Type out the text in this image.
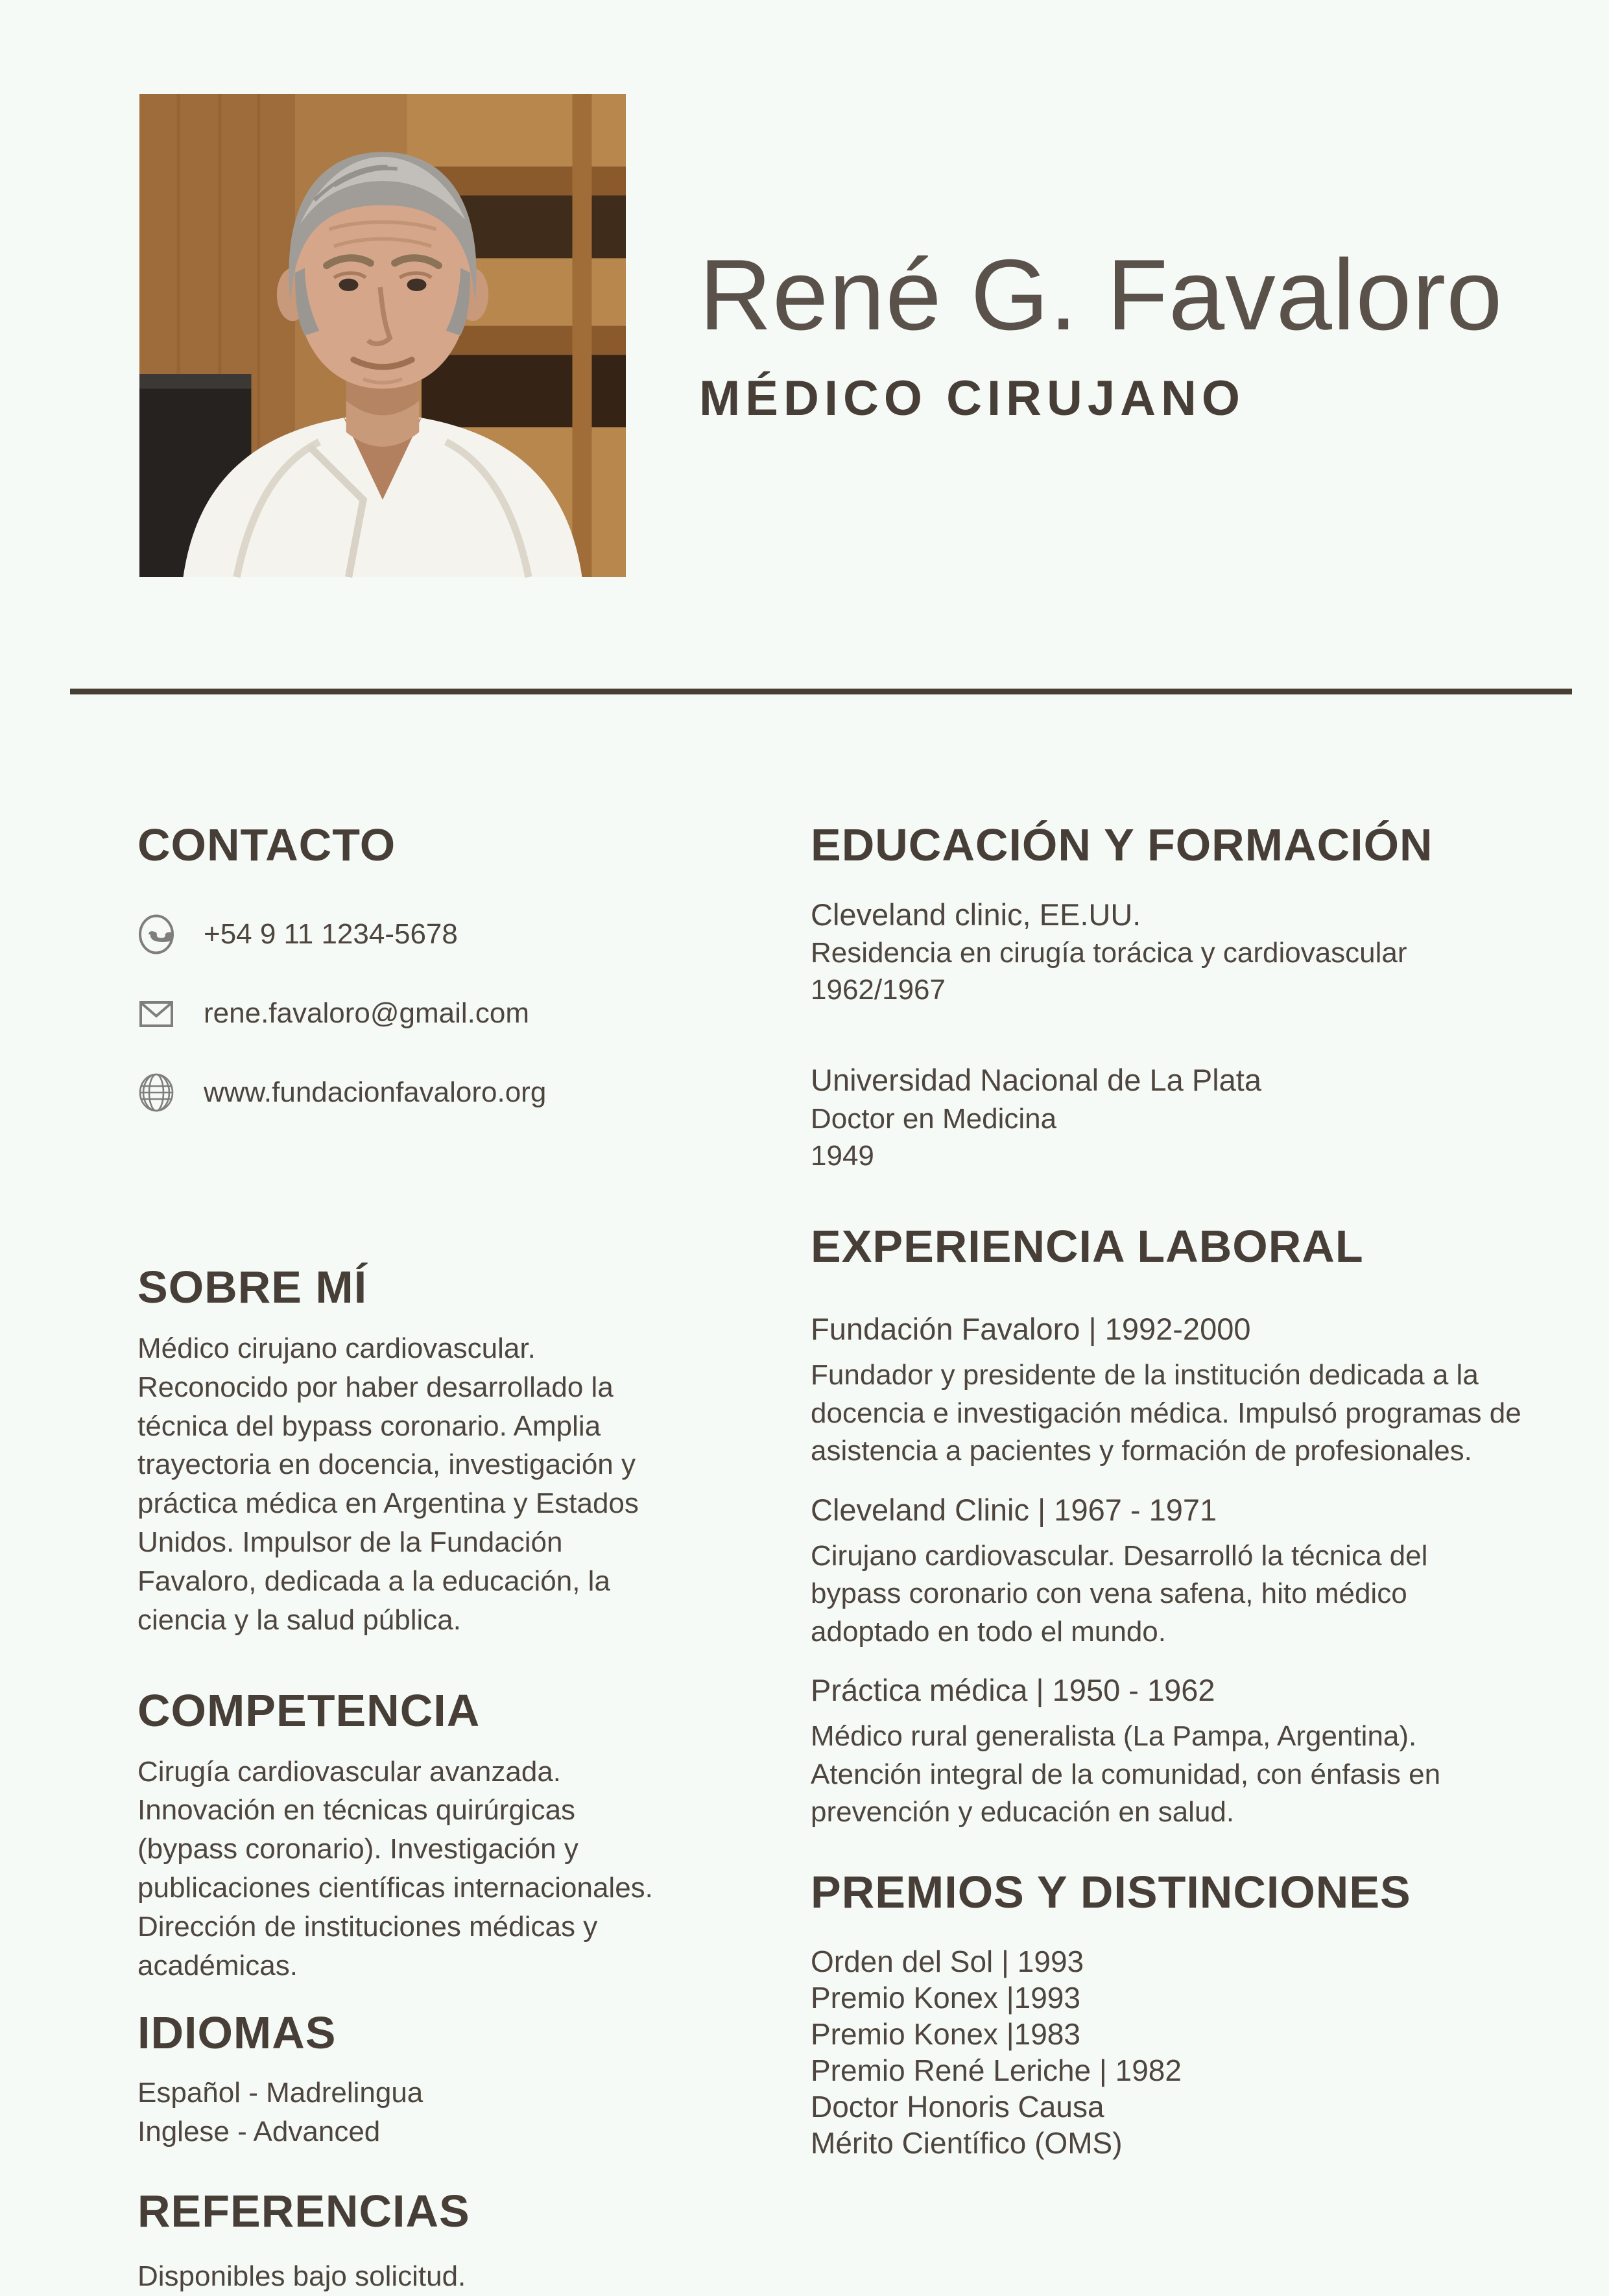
René G. Favaloro
MÉDICO CIRUJANO
CONTACTO
+54 9 11 1234-5678
rene.favaloro@gmail.com
www.fundacionfavaloro.org
SOBRE MÍ

Médico cirujano cardiovascular. Reconocido por haber desarrollado la técnica del bypass coronario. Amplia trayectoria en docencia, investigación y práctica médica en Argentina y Estados Unidos. Impulsor de la Fundación Favaloro, dedicada a la educación, la ciencia y la salud pública.

COMPETENCIA

Cirugía cardiovascular avanzada. Innovación en técnicas quirúrgicas (bypass coronario). Investigación y publicaciones científicas internacionales. Dirección de instituciones médicas y académicas.

IDIOMAS

Español - Madrelingua

Inglese - Advanced

REFERENCIAS

Disponibles bajo solicitud.

EDUCACIÓN Y FORMACIÓN

Cleveland clinic, EE.UU.

Residencia en cirugía torácica y cardiovascular

1962/1967

Universidad Nacional de La Plata

Doctor en Medicina

1949

EXPERIENCIA LABORAL

Fundación Favaloro | 1992-2000

Fundador y presidente de la institución dedicada a la docencia e investigación médica. Impulsó programas de asistencia a pacientes y formación de profesionales.

Cleveland Clinic | 1967 - 1971

Cirujano cardiovascular. Desarrolló la técnica del bypass coronario con vena safena, hito médico adoptado en todo el mundo.

Práctica médica | 1950 - 1962

Médico rural generalista (La Pampa, Argentina). Atención integral de la comunidad, con énfasis en prevención y educación en salud.

PREMIOS Y DISTINCIONES
Orden del Sol | 1993
Premio Konex |1993
Premio Konex |1983
Premio René Leriche | 1982
Doctor Honoris Causa
Mérito Científico (OMS)
